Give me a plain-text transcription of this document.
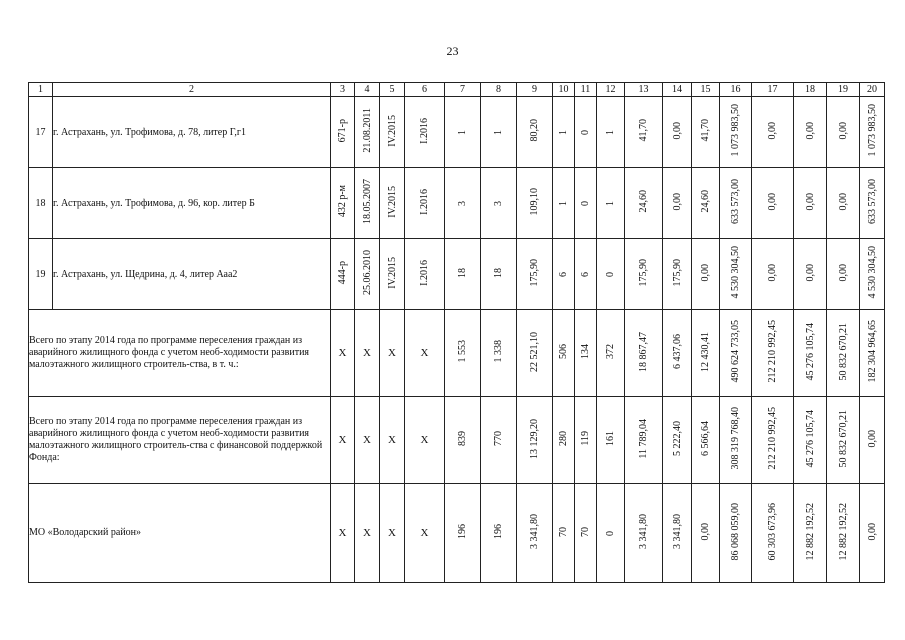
23
1	2	3	4	5	6	7	8	9	10	11	12	13	14	15	16	17	18	19	20
17	г. Астрахань, ул. Трофимова, д. 78, литер Г,г1	671-р	21.08.2011	IV.2015	I.2016	1	1	80,20	1	0	1	41,70	0,00	41,70	1 073 983,50	0,00	0,00	0,00	1 073 983,50
18	г. Астрахань, ул. Трофимова, д. 96, кор. литер Б	432 р-м	18.05.2007	IV.2015	I.2016	3	3	109,10	1	0	1	24,60	0,00	24,60	633 573,00	0,00	0,00	0,00	633 573,00
19	г. Астрахань, ул. Щедрина, д. 4, литер Ааа2	444-р	25.06.2010	IV.2015	I.2016	18	18	175,90	6	6	0	175,90	175,90	0,00	4 530 304,50	0,00	0,00	0,00	4 530 304,50
Всего по этапу 2014 года по программе переселения граждан из аварийного жилищного фонда с учетом необ-ходимости развития малоэтажного жилищного строитель-ства, в т. ч.:		X	X	X	X	1 553	1 338	22 521,10	506	134	372	18 867,47	6 437,06	12 430,41	490 624 733,05	212 210 992,45	45 276 105,74	50 832 670,21	182 304 964,65
Всего по этапу 2014 года по программе переселения граждан из аварийного жилищного фонда с учетом необ-ходимости развития малоэтажного жилищного строитель-ства с финансовой поддержкой Фонда:		X	X	X	X	839	770	13 129,20	280	119	161	11 789,04	5 222,40	6 566,64	308 319 768,40	212 210 992,45	45 276 105,74	50 832 670,21	0,00
МО «Володарский район»		X	X	X	X	196	196	3 341,80	70	70	0	3 341,80	3 341,80	0,00	86 068 059,00	60 303 673,96	12 882 192,52	12 882 192,52	0,00
